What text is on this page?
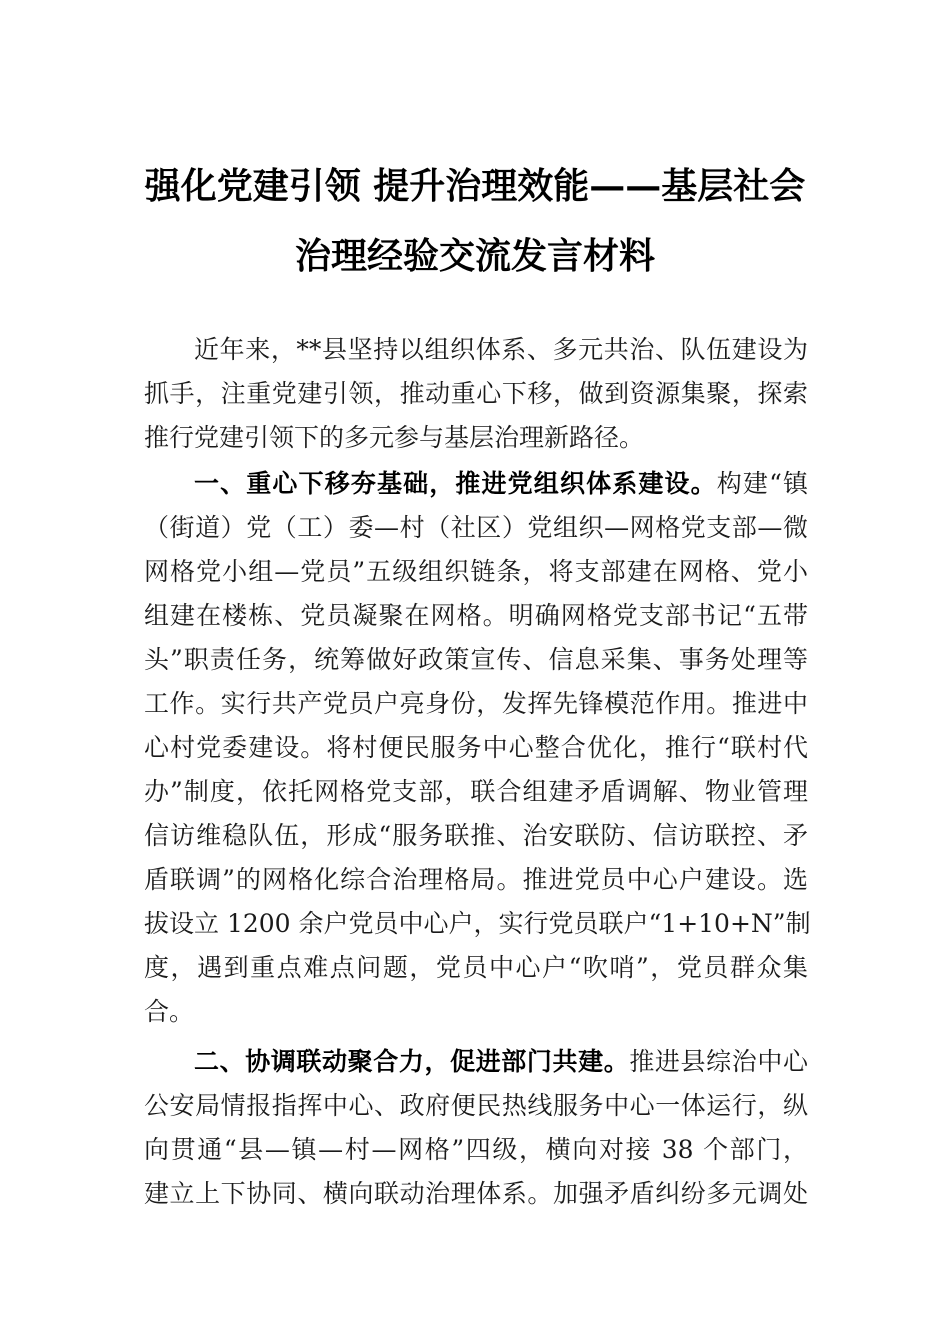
强化党建引领 提升治理效能——基层社会
治理经验交流发言材料
近年来，**县坚持以组织体系、多元共治、队伍建设为
抓手，注重党建引领，推动重心下移，做到资源集聚，探索
推行党建引领下的多元参与基层治理新路径。
一、重心下移夯基础，推进党组织体系建设。构建“镇
（街道）党（工）委—村（社区）党组织—网格党支部—微
网格党小组—党员”五级组织链条，将支部建在网格、党小
组建在楼栋、党员凝聚在网格。明确网格党支部书记“五带
头”职责任务，统筹做好政策宣传、信息采集、事务处理等
工作。实行共产党员户亮身份，发挥先锋模范作用。推进中
心村党委建设。将村便民服务中心整合优化，推行“联村代
办”制度，依托网格党支部，联合组建矛盾调解、物业管理
信访维稳队伍，形成“服务联推、治安联防、信访联控、矛
盾联调”的网格化综合治理格局。推进党员中心户建设。选
拔设立 1200 余户党员中心户，实行党员联户“1+10+N”制
度，遇到重点难点问题，党员中心户“吹哨”，党员群众集
合。
二、协调联动聚合力，促进部门共建。推进县综治中心
公安局情报指挥中心、政府便民热线服务中心一体运行，纵
向贯通“县—镇—村—网格”四级，横向对接 38 个部门，
建立上下协同、横向联动治理体系。加强矛盾纠纷多元调处
